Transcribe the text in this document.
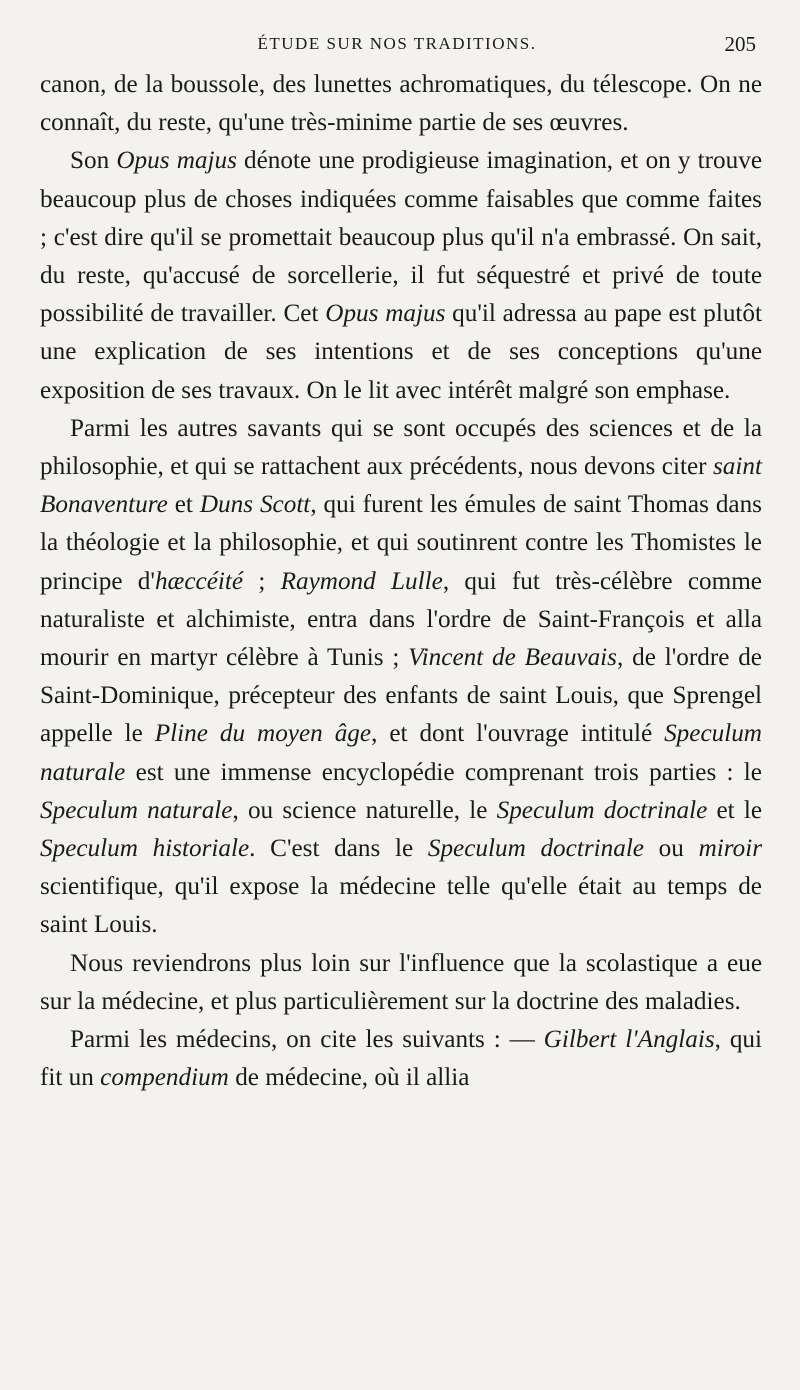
ÉTUDE SUR NOS TRADITIONS.	205

canon, de la boussole, des lunettes achromatiques, du télescope. On ne connaît, du reste, qu'une très-minime partie de ses œuvres.

Son Opus majus dénote une prodigieuse imagination, et on y trouve beaucoup plus de choses indiquées comme faisables que comme faites ; c'est dire qu'il se promettait beaucoup plus qu'il n'a embrassé. On sait, du reste, qu'accusé de sorcellerie, il fut séquestré et privé de toute possibilité de travailler. Cet Opus majus qu'il adressa au pape est plutôt une explication de ses intentions et de ses conceptions qu'une exposition de ses travaux. On le lit avec intérêt malgré son emphase.

Parmi les autres savants qui se sont occupés des sciences et de la philosophie, et qui se rattachent aux précédents, nous devons citer saint Bonaventure et Duns Scott, qui furent les émules de saint Thomas dans la théologie et la philosophie, et qui soutinrent contre les Thomistes le principe d'hæccéité ; Raymond Lulle, qui fut très-célèbre comme naturaliste et alchimiste, entra dans l'ordre de Saint-François et alla mourir en martyr célèbre à Tunis ; Vincent de Beauvais, de l'ordre de Saint-Dominique, précepteur des enfants de saint Louis, que Sprengel appelle le Pline du moyen âge, et dont l'ouvrage intitulé Speculum naturale est une immense encyclopédie comprenant trois parties : le Speculum naturale, ou science naturelle, le Speculum doctrinale et le Speculum historiale. C'est dans le Speculum doctrinale ou miroir scientifique, qu'il expose la médecine telle qu'elle était au temps de saint Louis.

Nous reviendrons plus loin sur l'influence que la scolastique a eue sur la médecine, et plus particulièrement sur la doctrine des maladies.

Parmi les médecins, on cite les suivants : — Gilbert l'Anglais, qui fit un compendium de médecine, où il allia
